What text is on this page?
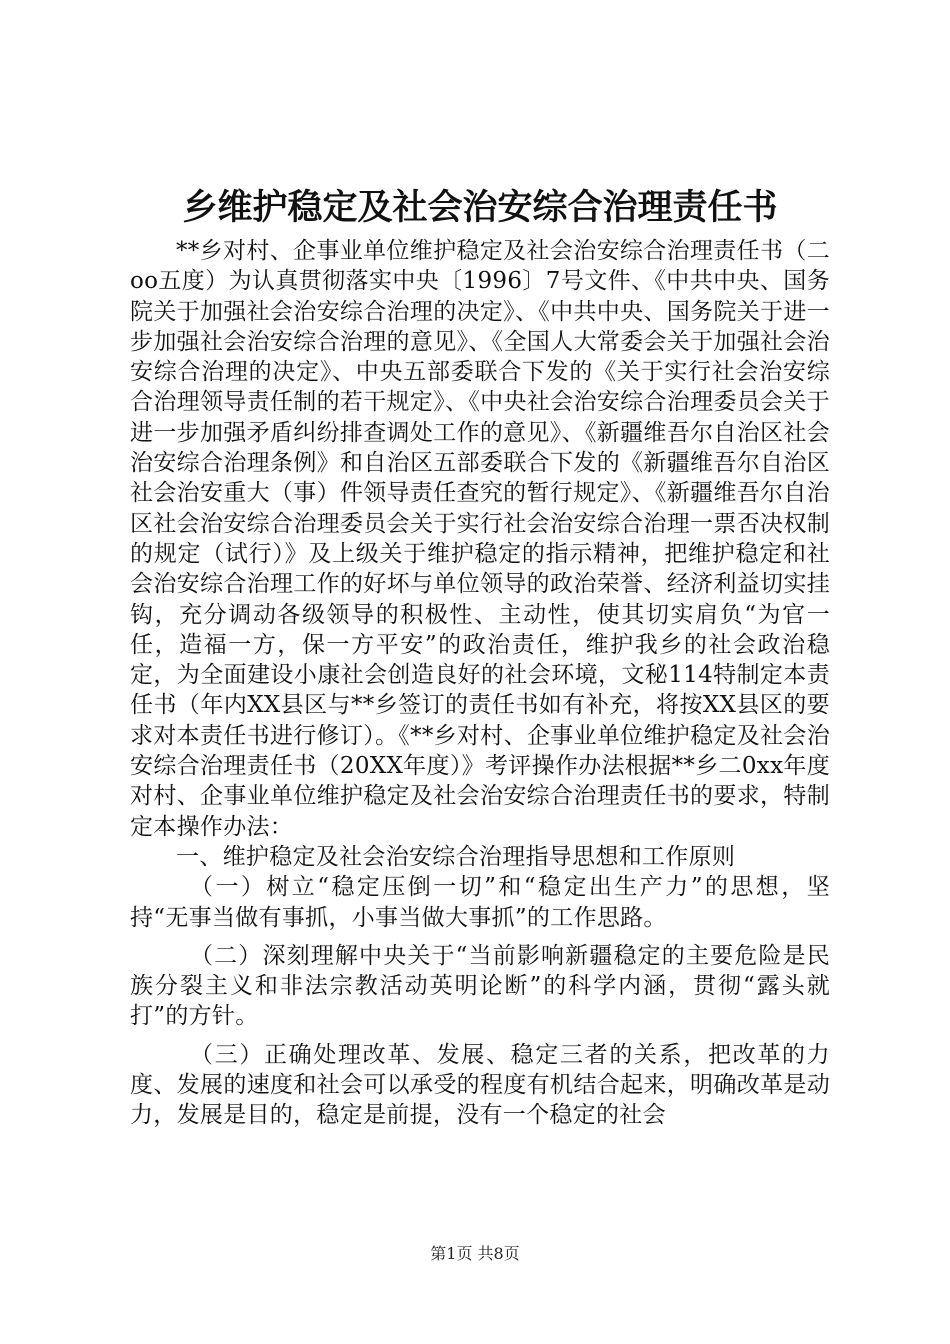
乡维护稳定及社会治安综合治理责任书

**乡对村、企事业单位维护稳定及社会治安综合治理责任书（二oo五度）为认真贯彻落实中央〔1996〕7号文件、《中共中央、国务院关于加强社会治安综合治理的决定》、《中共中央、国务院关于进一步加强社会治安综合治理的意见》、《全国人大常委会关于加强社会治安综合治理的决定》、中央五部委联合下发的《关于实行社会治安综合治理领导责任制的若干规定》、《中央社会治安综合治理委员会关于进一步加强矛盾纠纷排查调处工作的意见》、《新疆维吾尔自治区社会治安综合治理条例》和自治区五部委联合下发的《新疆维吾尔自治区社会治安重大（事）件领导责任查究的暂行规定》、《新疆维吾尔自治区社会治安综合治理委员会关于实行社会治安综合治理一票否决权制的规定（试行）》及上级关于维护稳定的指示精神，把维护稳定和社会治安综合治理工作的好坏与单位领导的政治荣誉、经济利益切实挂钩，充分调动各级领导的积极性、主动性，使其切实肩负“为官一任，造福一方，保一方平安”的政治责任，维护我乡的社会政治稳定，为全面建设小康社会创造良好的社会环境，文秘114特制定本责任书（年内XX县区与**乡签订的责任书如有补充，将按XX县区的要求对本责任书进行修订）。《**乡对村、企事业单位维护稳定及社会治安综合治理责任书（20XX年度）》考评操作办法根据**乡二0xx年度对村、企事业单位维护稳定及社会治安综合治理责任书的要求，特制定本操作办法：

一、维护稳定及社会治安综合治理指导思想和工作原则

（一）树立“稳定压倒一切”和“稳定出生产力”的思想，坚持“无事当做有事抓，小事当做大事抓”的工作思路。

（二）深刻理解中央关于“当前影响新疆稳定的主要危险是民族分裂主义和非法宗教活动英明论断”的科学内涵，贯彻“露头就打”的方针。

（三）正确处理改革、发展、稳定三者的关系，把改革的力度、发展的速度和社会可以承受的程度有机结合起来，明确改革是动力，发展是目的，稳定是前提，没有一个稳定的社会

第1页 共8页
